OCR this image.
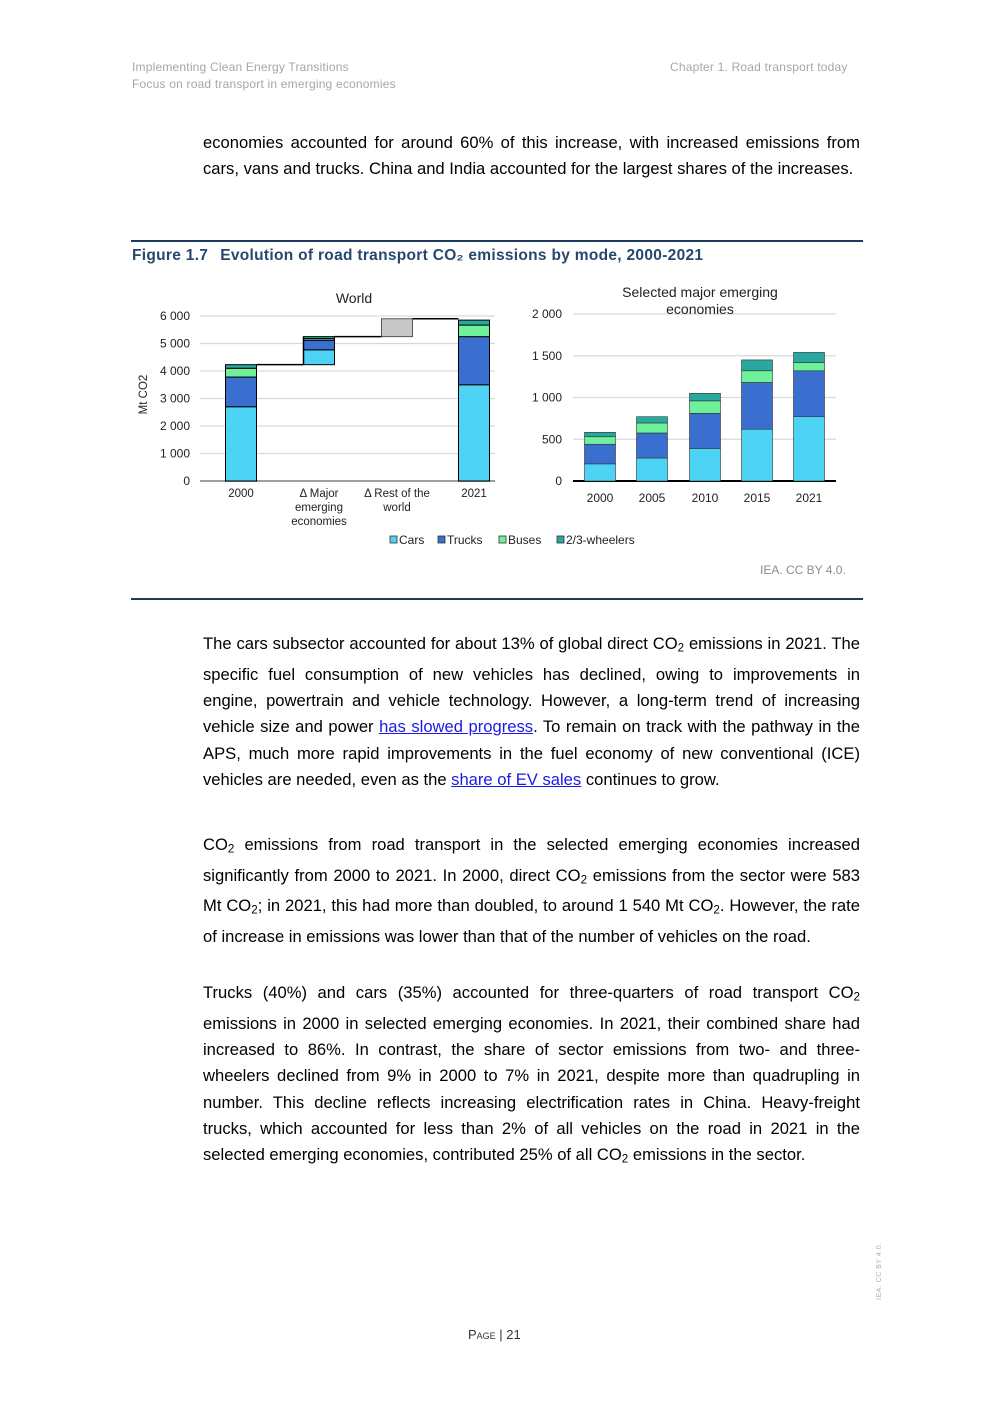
Implementing Clean Energy Transitions
Focus on road transport in emerging economies
Chapter 1. Road transport today

economies accounted for around 60% of this increase, with increased emissions from cars, vans and trucks. China and India accounted for the largest shares of the increases.

Figure 1.7 Evolution of road transport CO₂ emissions by mode, 2000-2021
0
1 000
2 000
3 000
4 000
5 000
6 000
Mt CO2
World
2000	Δ Major
emerging
economies
Δ Rest of the
world
2021
0
500
1 000
1 500
2 000
Selected major emerging
economies
2000 2005 2010 2015 2021
Cars Trucks Buses 2/3-wheelers
IEA. CC BY 4.0.

The cars subsector accounted for about 13% of global direct $CO_2$ emissions in 2021. The specific fuel consumption of new vehicles has declined, owing to improvements in engine, powertrain and vehicle technology. However, a long-term trend of increasing vehicle size and power has slowed progress. To remain on track with the pathway in the APS, much more rapid improvements in the fuel economy of new conventional (ICE) vehicles are needed, even as the share of EV sales continues to grow.

$CO_2$ emissions from road transport in the selected emerging economies increased significantly from 2000 to 2021. In 2000, direct $CO_2$ emissions from the sector were 583 Mt $CO_2$; in 2021, this had more than doubled, to around 1 540 Mt $CO_2$. However, the rate of increase in emissions was lower than that of the number of vehicles on the road.

Trucks (40%) and cars (35%) accounted for three-quarters of road transport $CO_2$ emissions in 2000 in selected emerging economies. In 2021, their combined share had increased to 86%. In contrast, the share of sector emissions from two- and three-wheelers declined from 9% in 2000 to 7% in 2021, despite more than quadrupling in number. This decline reflects increasing electrification rates in China. Heavy-freight trucks, which accounted for less than 2% of all vehicles on the road in 2021 in the selected emerging economies, contributed 25% of all $CO_2$ emissions in the sector.

Page | 21
IEA. CC BY 4.0.
